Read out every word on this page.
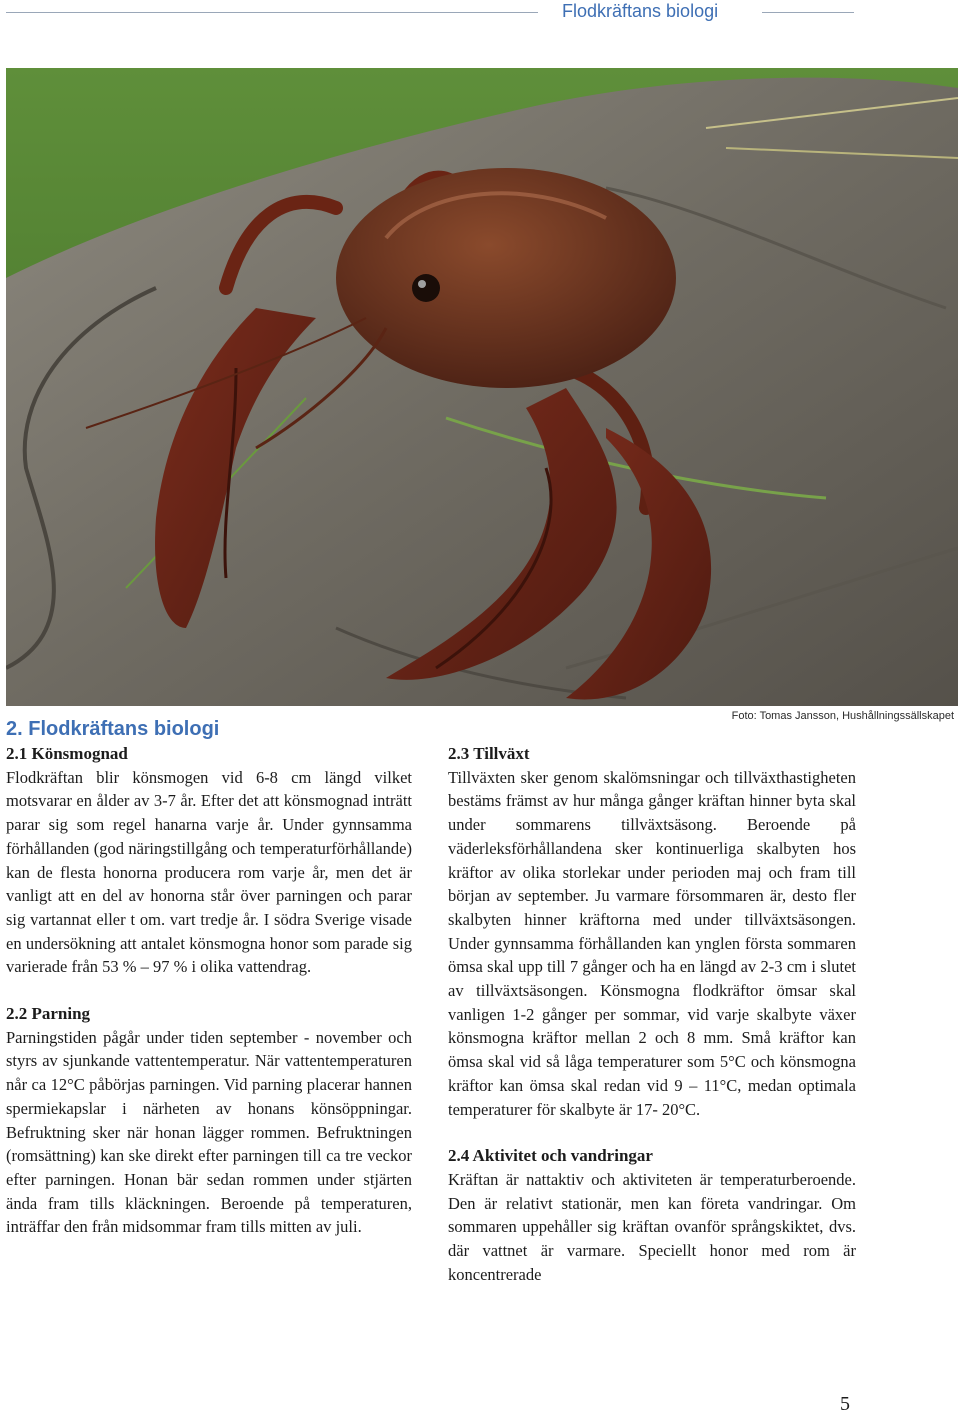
Flodkräftans biologi
Foto: Tomas Jansson, Hushållningssällskapet
2. Flodkräftans biologi
2.1 Könsmognad

Flodkräftan blir könsmogen vid 6-8 cm längd vilket motsvarar en ålder av 3-7 år. Efter det att könsmognad inträtt parar sig som regel hanarna varje år. Under gynnsamma förhållanden (god näringstillgång och temperaturförhållande) kan de flesta honorna producera rom varje år, men det är vanligt att en del av honorna står över parningen och parar sig vartannat eller t om. vart tredje år. I södra Sverige visade en undersökning att antalet könsmogna honor som parade sig varierade från 53 % – 97 % i olika vattendrag.

2.2 Parning

Parningstiden pågår under tiden september - november och styrs av sjunkande vattentemperatur. När vattentemperaturen når ca 12°C påbörjas parningen. Vid parning placerar hannen spermiekapslar i närheten av honans könsöppningar. Befruktning sker när honan lägger rommen. Befruktningen (romsättning) kan ske direkt efter parningen till ca tre veckor efter parningen. Honan bär sedan rommen under stjärten ända fram tills kläckningen. Beroende på temperaturen, inträffar den från midsommar fram tills mitten av juli.

2.3 Tillväxt

Tillväxten sker genom skalömsningar och tillväxthastigheten bestäms främst av hur många gånger kräftan hinner byta skal under sommarens tillväxtsäsong. Beroende på väderleksförhållandena sker kontinuerliga skalbyten hos kräftor av olika storlekar under perioden maj och fram till början av september. Ju varmare försommaren är, desto fler skalbyten hinner kräftorna med under tillväxtsäsongen. Under gynnsamma förhållanden kan ynglen första sommaren ömsa skal upp till 7 gånger och ha en längd av 2-3 cm i slutet av tillväxtsäsongen. Könsmogna flodkräftor ömsar skal vanligen 1-2 gånger per sommar, vid varje skalbyte växer könsmogna kräftor mellan 2 och 8 mm. Små kräftor kan ömsa skal vid så låga temperaturer som 5°C och könsmogna kräftor kan ömsa skal redan vid 9 – 11°C, medan optimala temperaturer för skalbyte är 17- 20°C.

2.4 Aktivitet och vandringar

Kräftan är nattaktiv och aktiviteten är temperaturberoende. Den är relativt stationär, men kan företa vandringar. Om sommaren uppehåller sig kräftan ovanför språngskiktet, dvs. där vattnet är varmare. Speciellt honor med rom är koncentrerade

5
